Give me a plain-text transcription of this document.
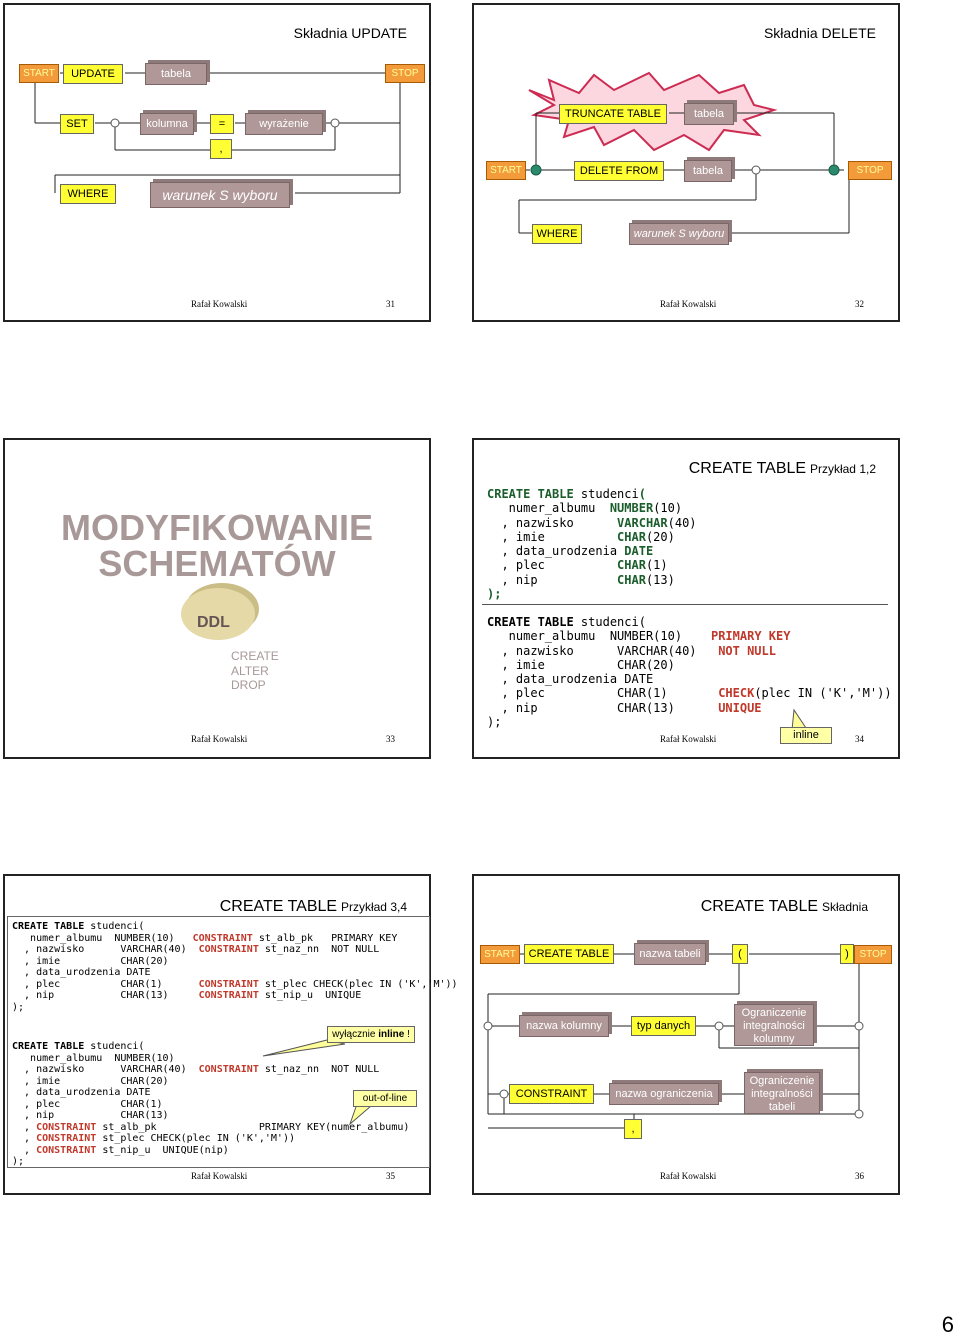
Składnia UPDATE
START	UPDATE	tabela	STOP
SET	kolumna	=	wyrażenie
,
WHERE	warunek S wyboru
Rafał Kowalski	31
Składnia DELETE
TRUNCATE TABLE	tabela
START	DELETE FROM	tabela	STOP
WHERE	warunek S wyboru
Rafał Kowalski	32
MODYFIKOWANIE
SCHEMATÓW
DDL
CREATE
ALTER
DROP
Rafał Kowalski	33
CREATE TABLE Przykład 1,2
CREATE TABLE studenci(
numer_albumu  NUMBER(10)
, nazwisko      VARCHAR(40)
, imie          CHAR(20)
, data_urodzenia DATE
, plec          CHAR(1)
, nip           CHAR(13)
);
CREATE TABLE studenci(
numer_albumu  NUMBER(10)    PRIMARY KEY
, nazwisko      VARCHAR(40)   NOT NULL
, imie          CHAR(20)
, data_urodzenia DATE
, plec          CHAR(1)       CHECK(plec IN ('K','M'))
, nip           CHAR(13)      UNIQUE
);
inline
Rafał Kowalski	34
CREATE TABLE Przykład 3,4
CREATE TABLE studenci(
numer_albumu  NUMBER(10)   CONSTRAINT st_alb_pk   PRIMARY KEY
, nazwisko      VARCHAR(40)  CONSTRAINT st_naz_nn  NOT NULL
, imie          CHAR(20)
, data_urodzenia DATE
, plec          CHAR(1)      CONSTRAINT st_plec CHECK(plec IN ('K','M'))
, nip           CHAR(13)     CONSTRAINT st_nip_u  UNIQUE
);
CREATE TABLE studenci(
numer_albumu  NUMBER(10)
, nazwisko      VARCHAR(40)  CONSTRAINT st_naz_nn  NOT NULL
, imie          CHAR(20)
, data_urodzenia DATE
, plec          CHAR(1)
, nip           CHAR(13)
, CONSTRAINT st_alb_pk                 PRIMARY KEY(numer_albumu)
, CONSTRAINT st_plec CHECK(plec IN ('K','M'))
, CONSTRAINT st_nip_u  UNIQUE(nip)
);
wyłącznie inline !
out-of-line
Rafał Kowalski	35
CREATE TABLE Składnia
START	CREATE TABLE	nazwa tabeli	(	)	STOP
nazwa kolumny	typ danych
Ograniczenie
integralności
kolumny
CONSTRAINT	nazwa ograniczenia
Ograniczenie
integralności
tabeli
,
Rafał Kowalski	36
6
